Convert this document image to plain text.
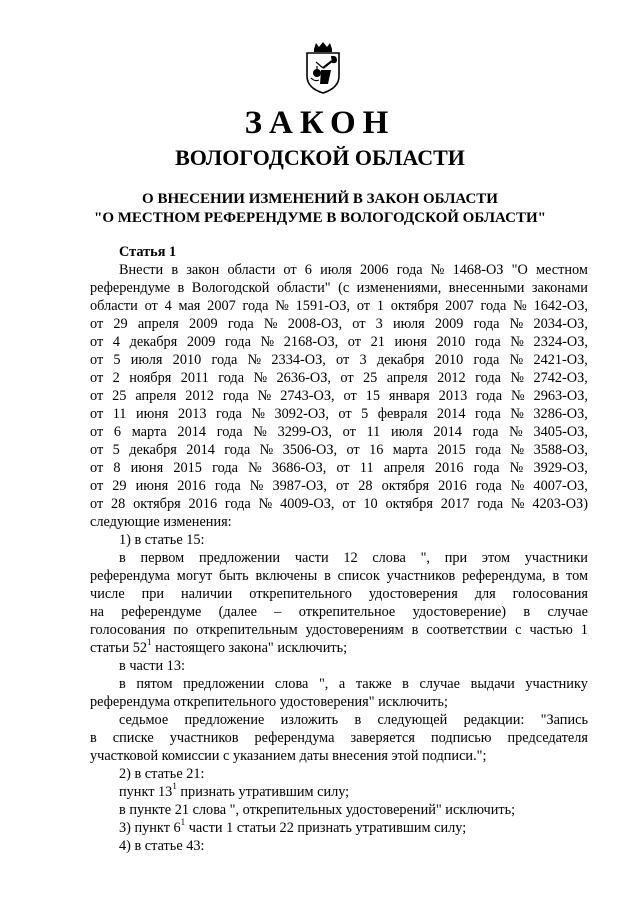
ЗАКОН
ВОЛОГОДСКОЙ ОБЛАСТИ
О ВНЕСЕНИИ ИЗМЕНЕНИЙ В ЗАКОН ОБЛАСТИ
"О МЕСТНОМ РЕФЕРЕНДУМЕ В ВОЛОГОДСКОЙ ОБЛАСТИ"
Статья 1
Внести в закон области от 6 июля 2006 года № 1468-ОЗ "О местном
референдуме в Вологодской области" (с изменениями, внесенными законами
области от 4 мая 2007 года № 1591-ОЗ, от 1 октября 2007 года № 1642-ОЗ,
от 29 апреля 2009 года № 2008-ОЗ, от 3 июля 2009 года № 2034-ОЗ,
от 4 декабря 2009 года № 2168-ОЗ, от 21 июня 2010 года № 2324-ОЗ,
от 5 июля 2010 года № 2334-ОЗ, от 3 декабря 2010 года № 2421-ОЗ,
от 2 ноября 2011 года № 2636-ОЗ, от 25 апреля 2012 года № 2742-ОЗ,
от 25 апреля 2012 года № 2743-ОЗ, от 15 января 2013 года № 2963-ОЗ,
от 11 июня 2013 года № 3092-ОЗ, от 5 февраля 2014 года № 3286-ОЗ,
от 6 марта 2014 года № 3299-ОЗ, от 11 июля 2014 года № 3405-ОЗ,
от 5 декабря 2014 года № 3506-ОЗ, от 16 марта 2015 года № 3588-ОЗ,
от 8 июня 2015 года № 3686-ОЗ, от 11 апреля 2016 года № 3929-ОЗ,
от 29 июня 2016 года № 3987-ОЗ, от 28 октября 2016 года № 4007-ОЗ,
от 28 октября 2016 года № 4009-ОЗ, от 10 октября 2017 года № 4203-ОЗ)
следующие изменения:
1) в статье 15:
в первом предложении части 12 слова ", при этом участники
референдума могут быть включены в список участников референдума, в том
числе при наличии открепительного удостоверения для голосования
на референдуме (далее – открепительное удостоверение) в случае
голосования по открепительным удостоверениям в соответствии с частью 1
статьи $52^1$ настоящего закона" исключить;
в части 13:
в пятом предложении слова ", а также в случае выдачи участнику
референдума открепительного удостоверения" исключить;
седьмое предложение изложить в следующей редакции: "Запись
в списке участников референдума заверяется подписью председателя
участковой комиссии с указанием даты внесения этой подписи.";
2) в статье 21:
пункт $13^1$ признать утратившим силу;
в пункте 21 слова ", открепительных удостоверений" исключить;
3) пункт $6^1$ части 1 статьи 22 признать утратившим силу;
4) в статье 43:
